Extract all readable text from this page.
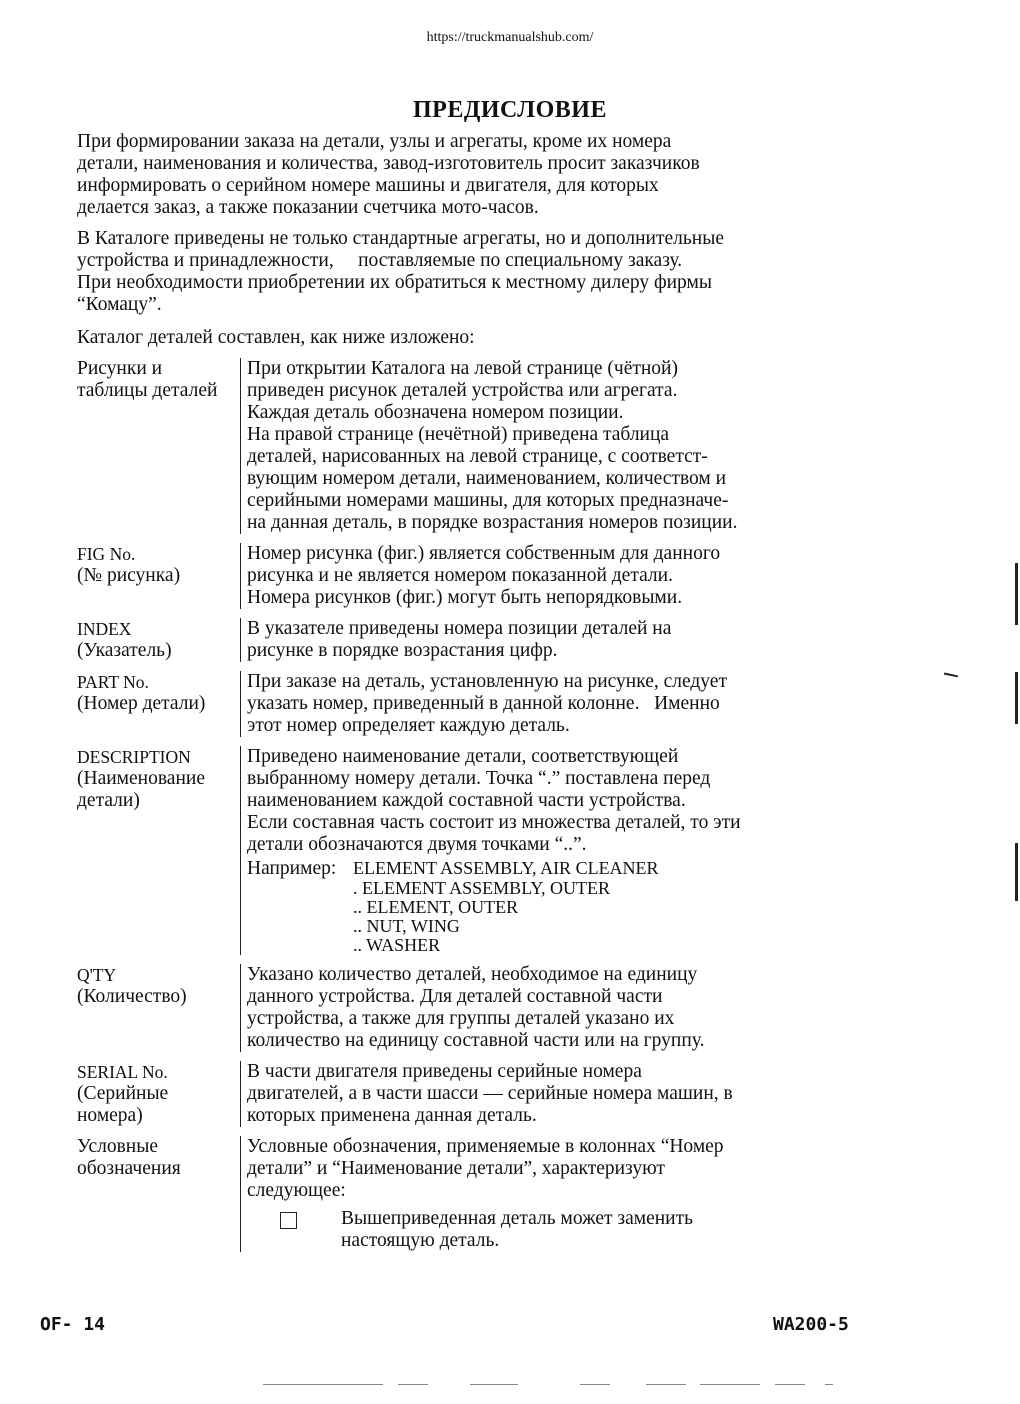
https://truckmanualshub.com/
ПРЕДИСЛОВИЕ

При формировании заказа на детали, узлы и агрегаты, кроме их номера

детали, наименования и количества, завод-изготовитель просит заказчиков

информировать о серийном номере машины и двигателя, для которых

делается заказ, а также показании счетчика мото-часов.

В Каталоге приведены не только стандартные агрегаты, но и дополнительные

устройства и принадлежности,     поставляемые по специальному заказу.

При необходимости приобретении их обратиться к местному дилеру фирмы

“Комацу”.

Каталог деталей составлен, как ниже изложено:
Рисунки и
таблицы деталей
При открытии Каталога на левой странице (чётной)
приведен рисунок деталей устройства или агрегата.
Каждая деталь обозначена номером позиции.
На правой странице (нечётной) приведена таблица
деталей, нарисованных на левой странице, с соответст-
вующим номером детали, наименованием, количеством и
серийными номерами машины, для которых предназначе-
на данная деталь, в порядке возрастания номеров позиции.
FIG No.
(№ рисунка)
Номер рисунка (фиг.) является собственным для данного
рисунка и не является номером показанной детали.
Номера рисунков (фиг.) могут быть непорядковыми.
INDEX
(Указатель)
В указателе приведены номера позиции деталей на
рисунке в порядке возрастания цифр.
PART No.
(Номер детали)
При заказе на деталь, установленную на рисунке, следует
указать номер, приведенный в данной колонне.   Именно
этот номер определяет каждую деталь.
DESCRIPTION
(Наименование
детали)
Приведено наименование детали, соответствующей
выбранному номеру детали. Точка “.” поставлена перед
наименованием каждой составной части устройства.
Если составная часть состоит из множества деталей, то эти
детали обозначаются двумя точками “..”.
Например: ELEMENT ASSEMBLY, AIR CLEANER
. ELEMENT ASSEMBLY, OUTER
.. ELEMENT, OUTER
.. NUT, WING
.. WASHER
Q'TY
(Количество)
Указано количество деталей, необходимое на единицу
данного устройства. Для деталей составной части
устройства, а также для группы деталей указано их
количество на единицу составной части или на группу.
SERIAL No.
(Серийные
номера)
В части двигателя приведены серийные номера
двигателей, а в части шасси — серийные номера машин, в
которых применена данная деталь.
Условные
обозначения
Условные обозначения, применяемые в колоннах “Номер
детали” и “Наименование детали”, характеризуют
следующее:
Вышеприведенная деталь может заменить
настоящую деталь.
OF- 14	WA200-5
